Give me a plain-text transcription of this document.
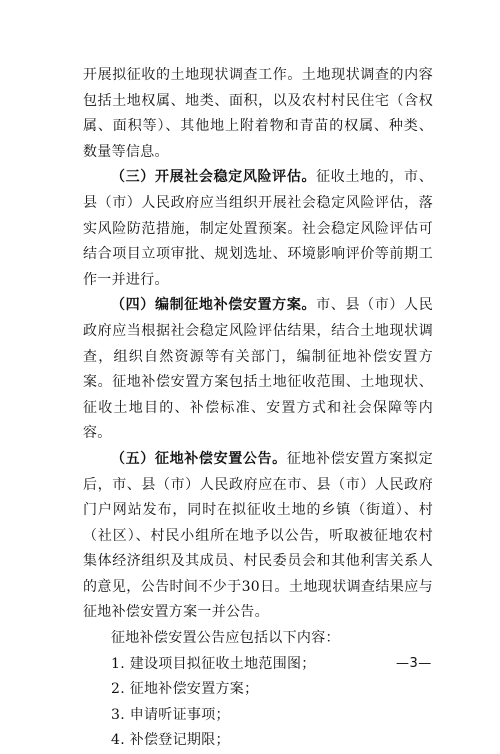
开展拟征收的土地现状调查工作。土地现状调查的内容包括土地权属、地类、面积，以及农村村民住宅（含权属、面积等）、其他地上附着物和青苗的权属、种类、数量等信息。

（三）开展社会稳定风险评估。征收土地的，市、县（市）人民政府应当组织开展社会稳定风险评估，落实风险防范措施，制定处置预案。社会稳定风险评估可结合项目立项审批、规划选址、环境影响评价等前期工作一并进行。

（四）编制征地补偿安置方案。市、县（市）人民政府应当根据社会稳定风险评估结果，结合土地现状调查，组织自然资源等有关部门，编制征地补偿安置方案。征地补偿安置方案包括土地征收范围、土地现状、征收土地目的、补偿标准、安置方式和社会保障等内容。

（五）征地补偿安置公告。征地补偿安置方案拟定后，市、县（市）人民政府应在市、县（市）人民政府门户网站发布，同时在拟征收土地的乡镇（街道）、村（社区）、村民小组所在地予以公告，听取被征地农村集体经济组织及其成员、村民委员会和其他利害关系人的意见，公告时间不少于30日。土地现状调查结果应与征地补偿安置方案一并公告。

征地补偿安置公告应包括以下内容：

1. 建设项目拟征收土地范围图；

2. 征地补偿安置方案；

3. 申请听证事项；

4. 补偿登记期限；

—3—
